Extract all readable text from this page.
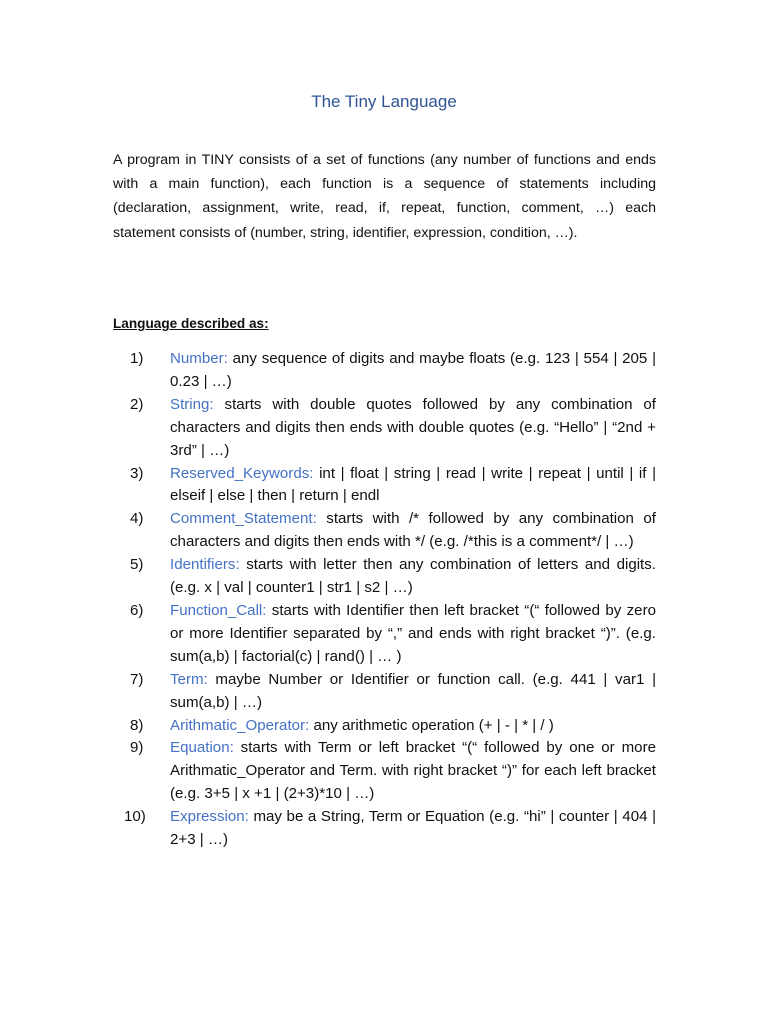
The Tiny Language

A program in TINY consists of a set of functions (any number of functions and ends with a main function), each function is a sequence of statements including (declaration, assignment, write, read, if, repeat, function, comment, …) each statement consists of (number, string, identifier, expression, condition, …).

Language described as:

1)	Number: any sequence of digits and maybe floats (e.g. 123 | 554 | 205 | 0.23 | …)
2)	String: starts with double quotes followed by any combination of characters and digits then ends with double quotes (e.g. “Hello” | “2nd + 3rd” | …)
3)	Reserved_Keywords: int | float | string | read | write | repeat | until | if | elseif | else | then | return | endl
4)	Comment_Statement: starts with /* followed by any combination of characters and digits then ends with */ (e.g. /*this is a comment*/ | …)
5)	Identifiers: starts with letter then any combination of letters and digits. (e.g. x | val | counter1 | str1 | s2 | …)
6)	Function_Call: starts with Identifier then left bracket “(“ followed by zero or more Identifier separated by “,” and ends with right bracket “)”. (e.g. sum(a,b) | factorial(c) | rand() | … )
7)	Term: maybe Number or Identifier or function call. (e.g. 441 | var1 | sum(a,b) | …)
8)	Arithmatic_Operator: any arithmetic operation (+ | - | * | / )
9)	Equation: starts with Term or left bracket “(“ followed by one or more Arithmatic_Operator and Term. with right bracket “)” for each left bracket (e.g. 3+5 | x +1 | (2+3)*10 | …)
10)	Expression: may be a String, Term or Equation (e.g. “hi” | counter | 404 | 2+3 | …)
